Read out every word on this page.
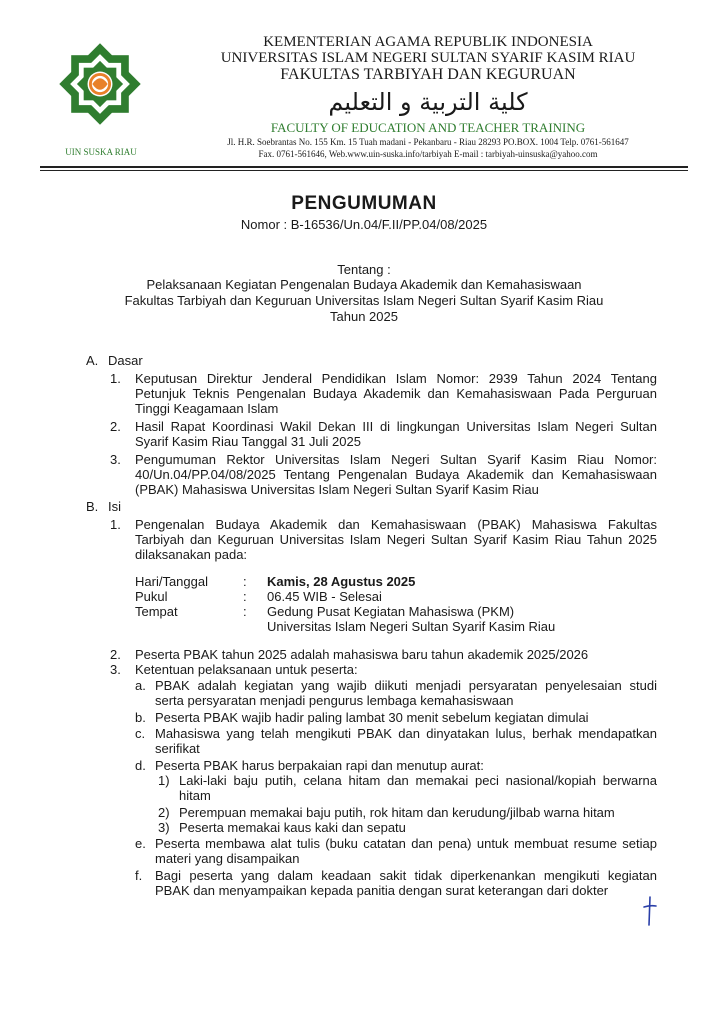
UIN SUSKA RIAU
KEMENTERIAN AGAMA REPUBLIK INDONESIA
UNIVERSITAS ISLAM NEGERI SULTAN SYARIF KASIM RIAU
FAKULTAS TARBIYAH DAN KEGURUAN
كلية التربية و التعليم
FACULTY OF EDUCATION AND TEACHER TRAINING
Jl. H.R. Soebrantas No. 155 Km. 15 Tuah madani - Pekanbaru - Riau 28293 PO.BOX. 1004 Telp. 0761-561647
Fax. 0761-561646, Web.www.uin-suska.info/tarbiyah E-mail : tarbiyah-uinsuska@yahoo.com
PENGUMUMAN
Nomor : B-16536/Un.04/F.II/PP.04/08/2025
Tentang :
Pelaksanaan Kegiatan Pengenalan Budaya Akademik dan Kemahasiswaan
Fakultas Tarbiyah dan Keguruan Universitas Islam Negeri Sultan Syarif Kasim Riau
Tahun 2025
A. Dasar
1. Keputusan Direktur Jenderal Pendidikan Islam Nomor: 2939 Tahun 2024 Tentang
Petunjuk Teknis Pengenalan Budaya Akademik dan Kemahasiswaan Pada Perguruan
Tinggi Keagamaan Islam
2. Hasil Rapat Koordinasi Wakil Dekan III di lingkungan Universitas Islam Negeri Sultan
Syarif Kasim Riau Tanggal 31 Juli 2025
3. Pengumuman Rektor Universitas Islam Negeri Sultan Syarif Kasim Riau Nomor:
40/Un.04/PP.04/08/2025 Tentang Pengenalan Budaya Akademik dan Kemahasiswaan
(PBAK) Mahasiswa Universitas Islam Negeri Sultan Syarif Kasim Riau
B. Isi
1. Pengenalan Budaya Akademik dan Kemahasiswaan (PBAK) Mahasiswa Fakultas
Tarbiyah dan Keguruan Universitas Islam Negeri Sultan Syarif Kasim Riau Tahun 2025
dilaksanakan pada:
Hari/Tanggal	: Kamis, 28 Agustus 2025
Pukul	: 06.45 WIB - Selesai
Tempat	: Gedung Pusat Kegiatan Mahasiswa (PKM)
Universitas Islam Negeri Sultan Syarif Kasim Riau
2. Peserta PBAK tahun 2025 adalah mahasiswa baru tahun akademik 2025/2026
3. Ketentuan pelaksanaan untuk peserta:
a. PBAK adalah kegiatan yang wajib diikuti menjadi persyaratan penyelesaian studi
serta persyaratan menjadi pengurus lembaga kemahasiswaan
b. Peserta PBAK wajib hadir paling lambat 30 menit sebelum kegiatan dimulai
c. Mahasiswa yang telah mengikuti PBAK dan dinyatakan lulus, berhak mendapatkan
serifikat
d. Peserta PBAK harus berpakaian rapi dan menutup aurat:
1) Laki-laki baju putih, celana hitam dan memakai peci nasional/kopiah berwarna
hitam
2) Perempuan memakai baju putih, rok hitam dan kerudung/jilbab warna hitam
3) Peserta memakai kaus kaki dan sepatu
e. Peserta membawa alat tulis (buku catatan dan pena) untuk membuat resume setiap
materi yang disampaikan
f. Bagi peserta yang dalam keadaan sakit tidak diperkenankan mengikuti kegiatan
PBAK dan menyampaikan kepada panitia dengan surat keterangan dari dokter
